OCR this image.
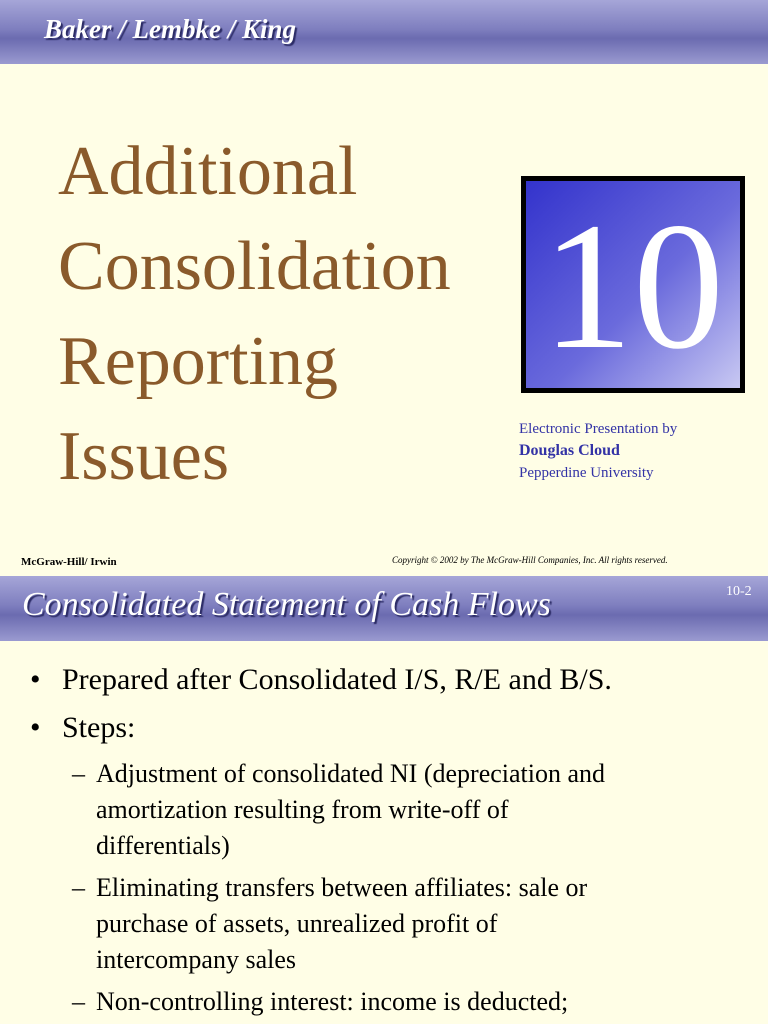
Baker / Lembke / King
Additional
Consolidation
Reporting
Issues
10
Electronic Presentation by
Douglas Cloud
Pepperdine University
McGraw-Hill/ Irwin	Copyright © 2002 by The McGraw-Hill Companies, Inc. All rights reserved.
Consolidated Statement of Cash Flows	10-2
• Prepared after Consolidated I/S, R/E and B/S.
• Steps:
– Adjustment of consolidated NI (depreciation and
amortization resulting from write-off of
differentials)
– Eliminating transfers between affiliates: sale or
purchase of assets, unrealized profit of
intercompany sales
– Non-controlling interest: income is deducted;
